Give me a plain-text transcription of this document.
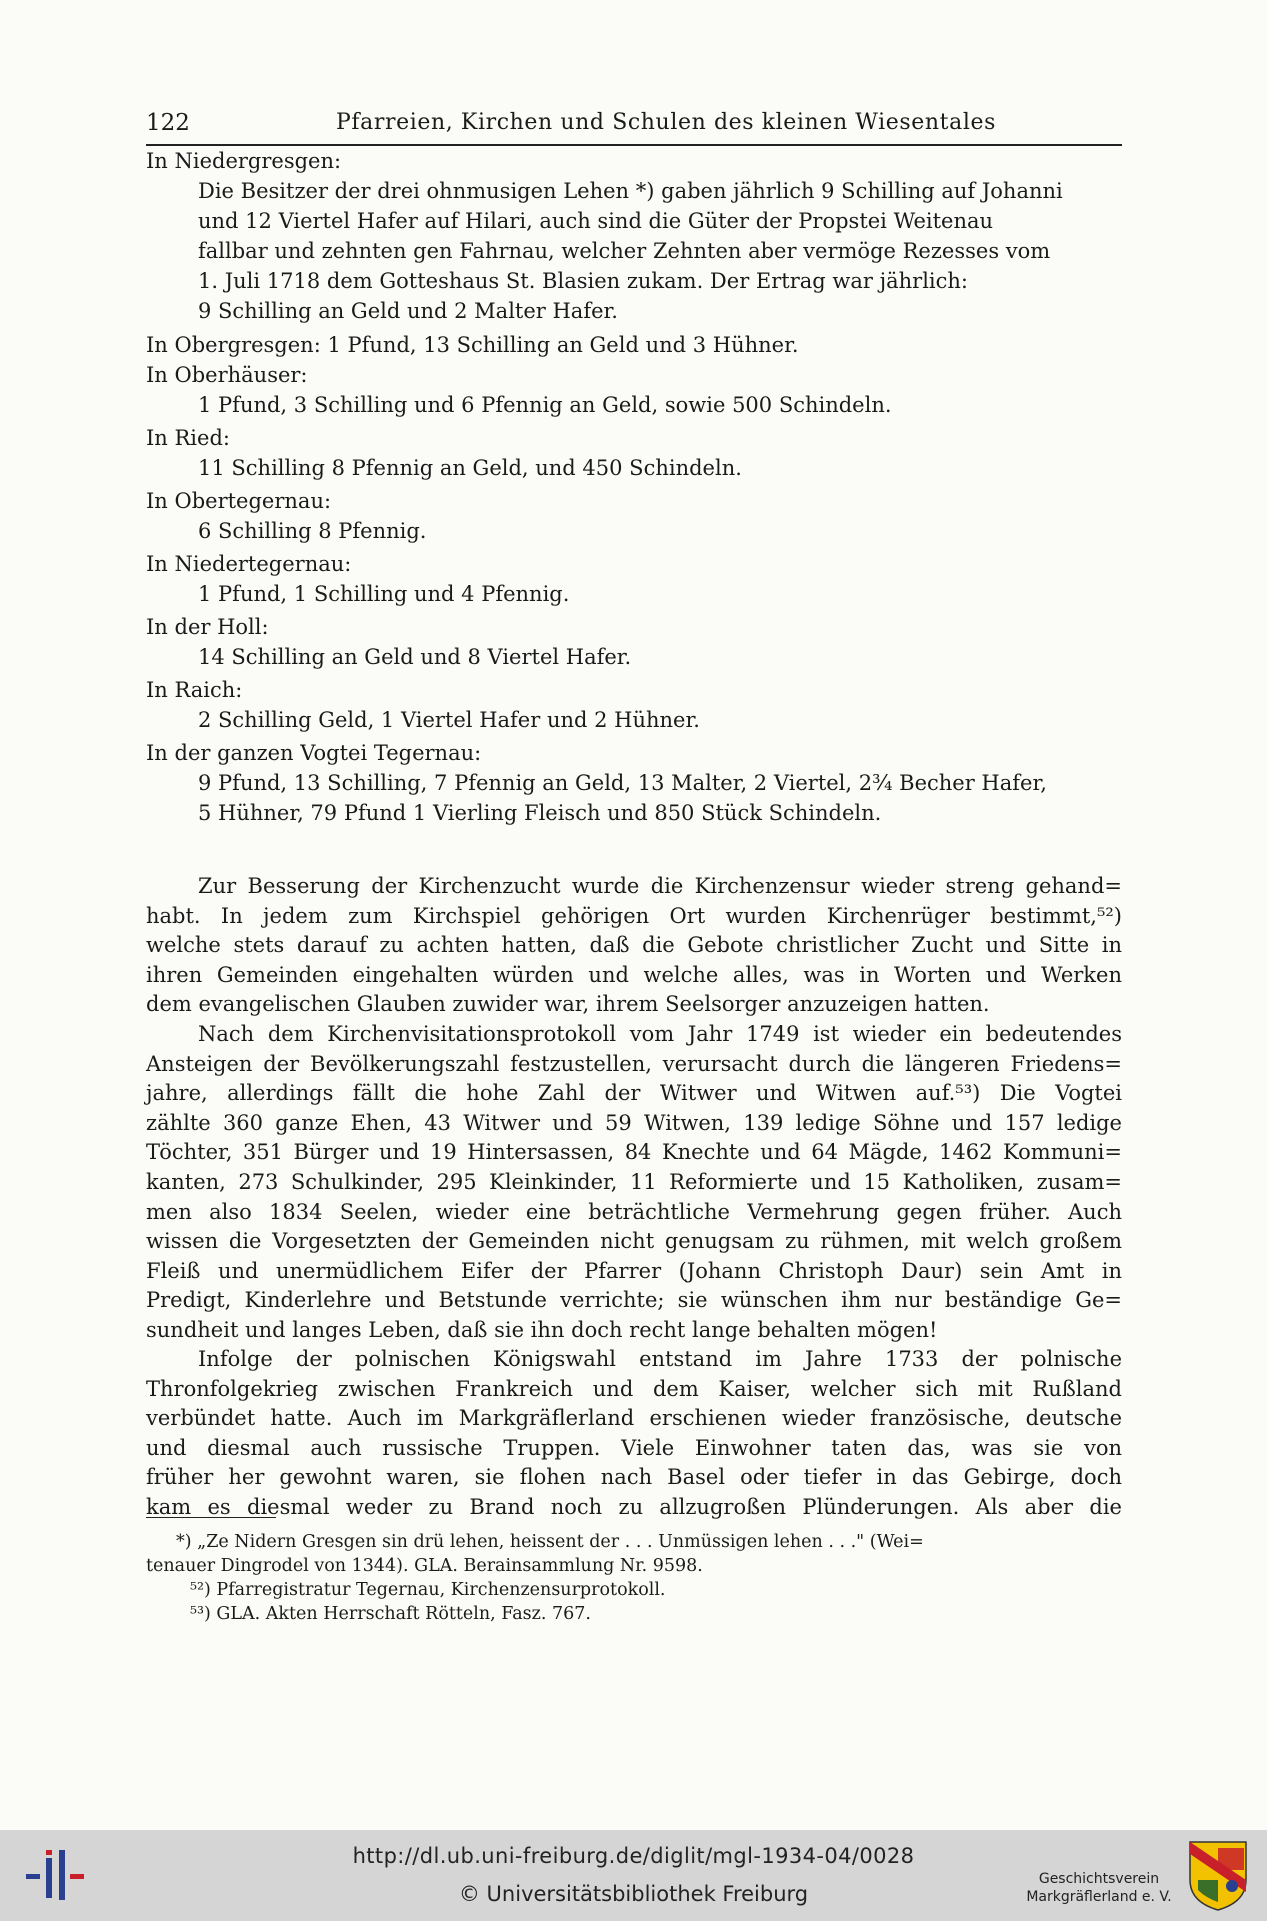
122	Pfarreien, Kirchen und Schulen des kleinen Wiesentales

In Niedergresgen:

Die Besitzer der drei ohnmusigen Lehen *) gaben jährlich 9 Schilling auf Johanni

und 12 Viertel Hafer auf Hilari, auch sind die Güter der Propstei Weitenau

fallbar und zehnten gen Fahrnau, welcher Zehnten aber vermöge Rezesses vom

1. Juli 1718 dem Gotteshaus St. Blasien zukam. Der Ertrag war jährlich:

9 Schilling an Geld und 2 Malter Hafer.

In Obergresgen: 1 Pfund, 13 Schilling an Geld und 3 Hühner.

In Oberhäuser:

1 Pfund, 3 Schilling und 6 Pfennig an Geld, sowie 500 Schindeln.

In Ried:

11 Schilling 8 Pfennig an Geld, und 450 Schindeln.

In Obertegernau:

6 Schilling 8 Pfennig.

In Niedertegernau:

1 Pfund, 1 Schilling und 4 Pfennig.

In der Holl:

14 Schilling an Geld und 8 Viertel Hafer.

In Raich:

2 Schilling Geld, 1 Viertel Hafer und 2 Hühner.

In der ganzen Vogtei Tegernau:

9 Pfund, 13 Schilling, 7 Pfennig an Geld, 13 Malter, 2 Viertel, 2¾ Becher Hafer,

5 Hühner, 79 Pfund 1 Vierling Fleisch und 850 Stück Schindeln.

Zur Besserung der Kirchenzucht wurde die Kirchenzensur wieder streng gehand=
habt. In jedem zum Kirchspiel gehörigen Ort wurden Kirchenrüger bestimmt,⁵²)
welche stets darauf zu achten hatten, daß die Gebote christlicher Zucht und Sitte in
ihren Gemeinden eingehalten würden und welche alles, was in Worten und Werken
dem evangelischen Glauben zuwider war, ihrem Seelsorger anzuzeigen hatten.
Nach dem Kirchenvisitationsprotokoll vom Jahr 1749 ist wieder ein bedeutendes
Ansteigen der Bevölkerungszahl festzustellen, verursacht durch die längeren Friedens=
jahre, allerdings fällt die hohe Zahl der Witwer und Witwen auf.⁵³) Die Vogtei
zählte 360 ganze Ehen, 43 Witwer und 59 Witwen, 139 ledige Söhne und 157 ledige
Töchter, 351 Bürger und 19 Hintersassen, 84 Knechte und 64 Mägde, 1462 Kommuni=
kanten, 273 Schulkinder, 295 Kleinkinder, 11 Reformierte und 15 Katholiken, zusam=
men also 1834 Seelen, wieder eine beträchtliche Vermehrung gegen früher. Auch
wissen die Vorgesetzten der Gemeinden nicht genugsam zu rühmen, mit welch großem
Fleiß und unermüdlichem Eifer der Pfarrer (Johann Christoph Daur) sein Amt in
Predigt, Kinderlehre und Betstunde verrichte; sie wünschen ihm nur beständige Ge=
sundheit und langes Leben, daß sie ihn doch recht lange behalten mögen!
Infolge der polnischen Königswahl entstand im Jahre 1733 der polnische
Thronfolgekrieg zwischen Frankreich und dem Kaiser, welcher sich mit Rußland
verbündet hatte. Auch im Markgräflerland erschienen wieder französische, deutsche
und diesmal auch russische Truppen. Viele Einwohner taten das, was sie von
früher her gewohnt waren, sie flohen nach Basel oder tiefer in das Gebirge, doch
kam es diesmal weder zu Brand noch zu allzugroßen Plünderungen. Als aber die
*) „Ze Nidern Gresgen sin drü lehen, heissent der . . . Unmüssigen lehen . . ." (Wei=
tenauer Dingrodel von 1344). GLA. Berainsammlung Nr. 9598.
⁵²) Pfarregistratur Tegernau, Kirchenzensurprotokoll.
⁵³) GLA. Akten Herrschaft Rötteln, Fasz. 767.
http://dl.ub.uni-freiburg.de/diglit/mgl-1934-04/0028
© Universitätsbibliothek Freiburg
Geschichtsverein
Markgräflerland e. V.
